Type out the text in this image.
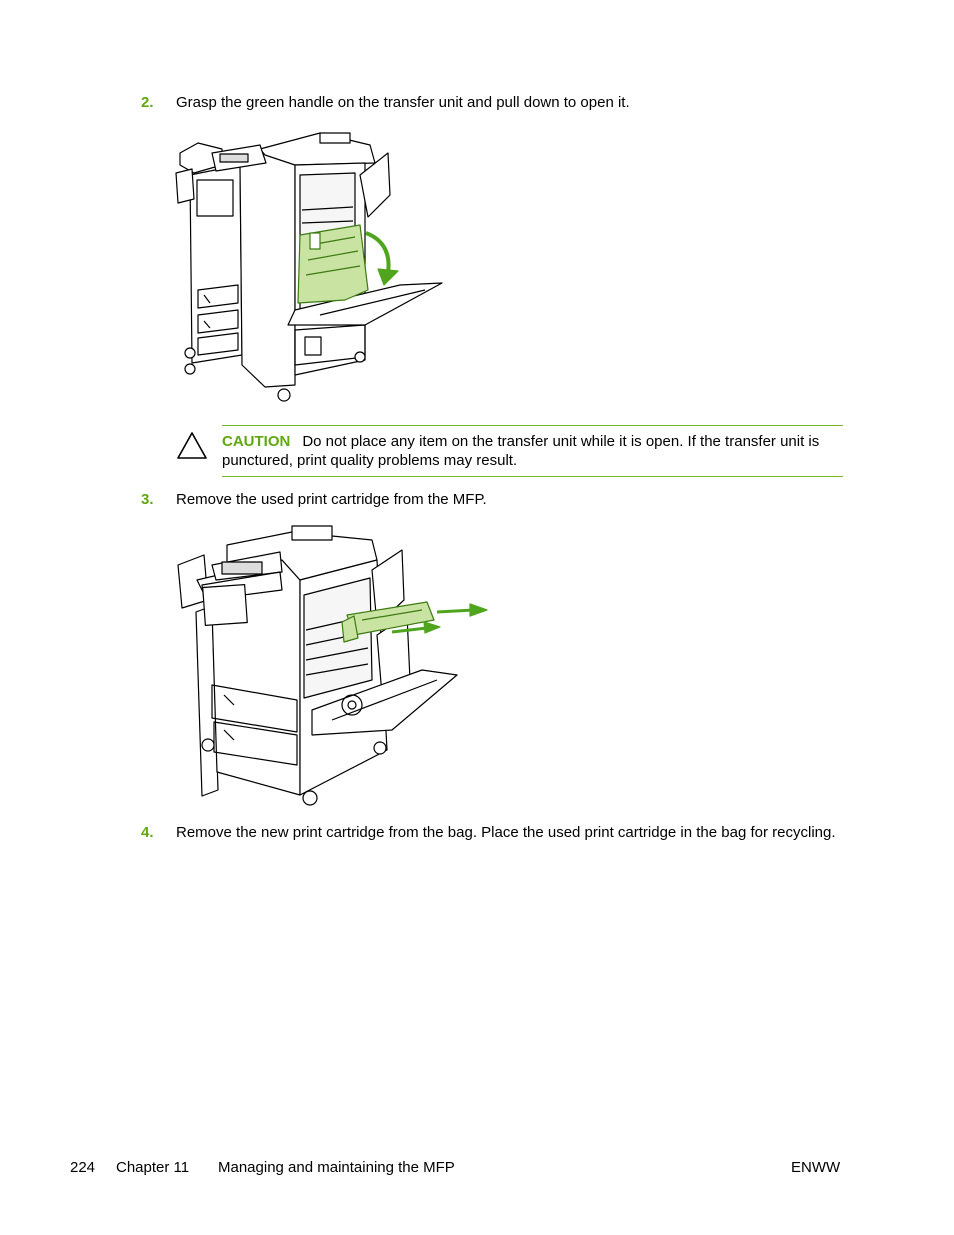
2. Grasp the green handle on the transfer unit and pull down to open it.
CAUTION Do not place any item on the transfer unit while it is open. If the transfer unit is punctured, print quality problems may result.
3. Remove the used print cartridge from the MFP.
4. Remove the new print cartridge from the bag. Place the used print cartridge in the bag for recycling.
224 Chapter 11 Managing and maintaining the MFP	ENWW
